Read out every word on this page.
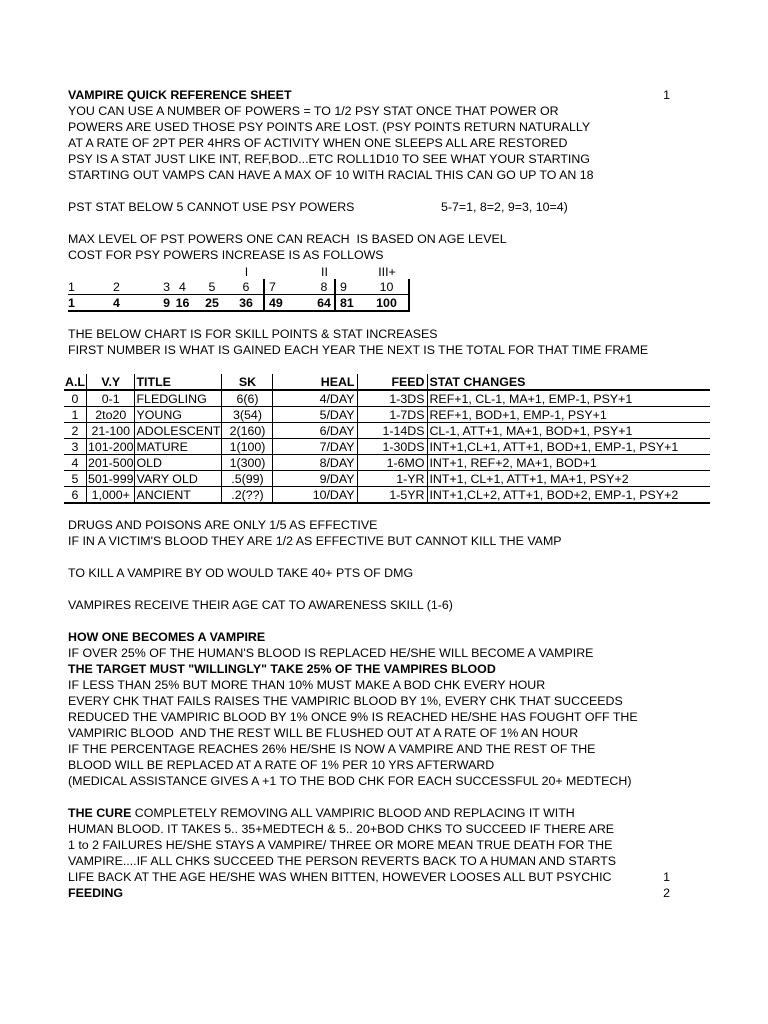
VAMPIRE QUICK REFERENCE SHEET	1
YOU CAN USE A NUMBER OF POWERS = TO 1/2 PSY STAT ONCE THAT POWER OR
POWERS ARE USED THOSE PSY POINTS ARE LOST. (PSY POINTS RETURN NATURALLY
AT A RATE OF 2PT PER 4HRS OF ACTIVITY WHEN ONE SLEEPS ALL ARE RESTORED
PSY IS A STAT JUST LIKE INT, REF,BOD...ETC ROLL1D10 TO SEE WHAT YOUR STARTING
STARTING OUT VAMPS CAN HAVE A MAX OF 10 WITH RACIAL THIS CAN GO UP TO AN 18
PST STAT BELOW 5 CANNOT USE PSY POWERS	5-7=1, 8=2, 9=3, 10=4)
MAX LEVEL OF PST POWERS ONE CAN REACH  IS BASED ON AGE LEVEL
COST FOR PSY POWERS INCREASE IS AS FOLLOWS
					I		II		III+
1	2	3	4	5	6	7	8	9	10
1	4	9	16	25	36	49	64	81	100
THE BELOW CHART IS FOR SKILL POINTS & STAT INCREASES
FIRST NUMBER IS WHAT IS GAINED EACH YEAR THE NEXT IS THE TOTAL FOR THAT TIME FRAME
A.L	V.Y	TITLE	SK	HEAL	FEED	STAT CHANGES
0	0-1	FLEDGLING	6(6)	4/DAY	1-3DS	REF+1, CL-1, MA+1, EMP-1, PSY+1
1	2to20	YOUNG	3(54)	5/DAY	1-7DS	REF+1, BOD+1, EMP-1, PSY+1
2	21-100	ADOLESCENT	2(160)	6/DAY	1-14DS	CL-1, ATT+1, MA+1, BOD+1, PSY+1
3	101-200	MATURE	1(100)	7/DAY	1-30DS	INT+1,CL+1, ATT+1, BOD+1, EMP-1, PSY+1
4	201-500	OLD	1(300)	8/DAY	1-6MO	INT+1, REF+2, MA+1, BOD+1
5	501-999	VARY OLD	.5(99)	9/DAY	1-YR	INT+1, CL+1, ATT+1, MA+1, PSY+2
6	1,000+	ANCIENT	.2(??)	10/DAY	1-5YR	INT+1,CL+2, ATT+1, BOD+2, EMP-1, PSY+2
DRUGS AND POISONS ARE ONLY 1/5 AS EFFECTIVE
IF IN A VICTIM'S BLOOD THEY ARE 1/2 AS EFFECTIVE BUT CANNOT KILL THE VAMP
TO KILL A VAMPIRE BY OD WOULD TAKE 40+ PTS OF DMG
VAMPIRES RECEIVE THEIR AGE CAT TO AWARENESS SKILL (1-6)
HOW ONE BECOMES A VAMPIRE
IF OVER 25% OF THE HUMAN'S BLOOD IS REPLACED HE/SHE WILL BECOME A VAMPIRE
THE TARGET MUST "WILLINGLY" TAKE 25% OF THE VAMPIRES BLOOD
IF LESS THAN 25% BUT MORE THAN 10% MUST MAKE A BOD CHK EVERY HOUR
EVERY CHK THAT FAILS RAISES THE VAMPIRIC BLOOD BY 1%, EVERY CHK THAT SUCCEEDS
REDUCED THE VAMPIRIC BLOOD BY 1% ONCE 9% IS REACHED HE/SHE HAS FOUGHT OFF THE
VAMPIRIC BLOOD  AND THE REST WILL BE FLUSHED OUT AT A RATE OF 1% AN HOUR
IF THE PERCENTAGE REACHES 26% HE/SHE IS NOW A VAMPIRE AND THE REST OF THE
BLOOD WILL BE REPLACED AT A RATE OF 1% PER 10 YRS AFTERWARD
(MEDICAL ASSISTANCE GIVES A +1 TO THE BOD CHK FOR EACH SUCCESSFUL 20+ MEDTECH)
THE CURE COMPLETELY REMOVING ALL VAMPIRIC BLOOD AND REPLACING IT WITH
HUMAN BLOOD. IT TAKES 5.. 35+MEDTECH & 5.. 20+BOD CHKS TO SUCCEED IF THERE ARE
1 to 2 FAILURES HE/SHE STAYS A VAMPIRE/ THREE OR MORE MEAN TRUE DEATH FOR THE
VAMPIRE....IF ALL CHKS SUCCEED THE PERSON REVERTS BACK TO A HUMAN AND STARTS
LIFE BACK AT THE AGE HE/SHE WAS WHEN BITTEN, HOWEVER LOOSES ALL BUT PSYCHIC	1
FEEDING	2
